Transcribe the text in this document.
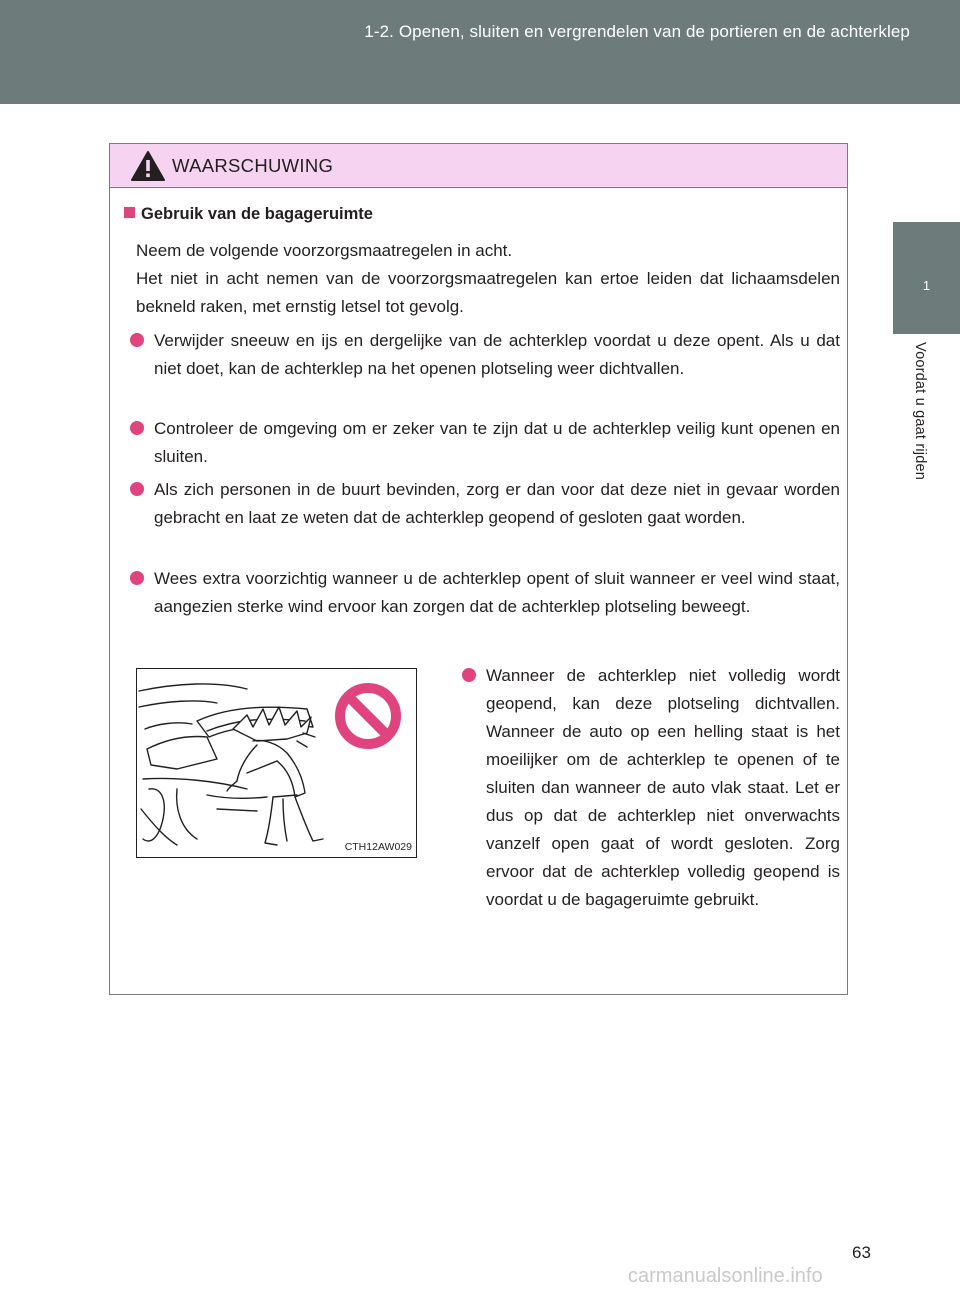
1-2. Openen, sluiten en vergrendelen van de portieren en de achterklep
1
Voordat u gaat rijden
WAARSCHUWING
Gebruik van de bagageruimte
Neem de volgende voorzorgsmaatregelen in acht.
Het niet in acht nemen van de voorzorgsmaatregelen kan ertoe leiden dat lichaamsdelen bekneld raken, met ernstig letsel tot gevolg.
Verwijder sneeuw en ijs en dergelijke van de achterklep voordat u deze opent. Als u dat niet doet, kan de achterklep na het openen plotseling weer dichtvallen.
Controleer de omgeving om er zeker van te zijn dat u de achterklep veilig kunt openen en sluiten.
Als zich personen in de buurt bevinden, zorg er dan voor dat deze niet in gevaar worden gebracht en laat ze weten dat de achterklep geopend of gesloten gaat worden.
Wees extra voorzichtig wanneer u de achterklep opent of sluit wanneer er veel wind staat, aangezien sterke wind ervoor kan zorgen dat de achterklep plotseling beweegt.
CTH12AW029
Wanneer de achterklep niet volledig wordt geopend, kan deze plotseling dichtvallen. Wanneer de auto op een helling staat is het moeilijker om de achterklep te openen of te sluiten dan wanneer de auto vlak staat. Let er dus op dat de achterklep niet onverwachts vanzelf open gaat of wordt gesloten. Zorg ervoor dat de achterklep volledig geopend is voordat u de bagageruimte gebruikt.
63
carmanualsonline.info
